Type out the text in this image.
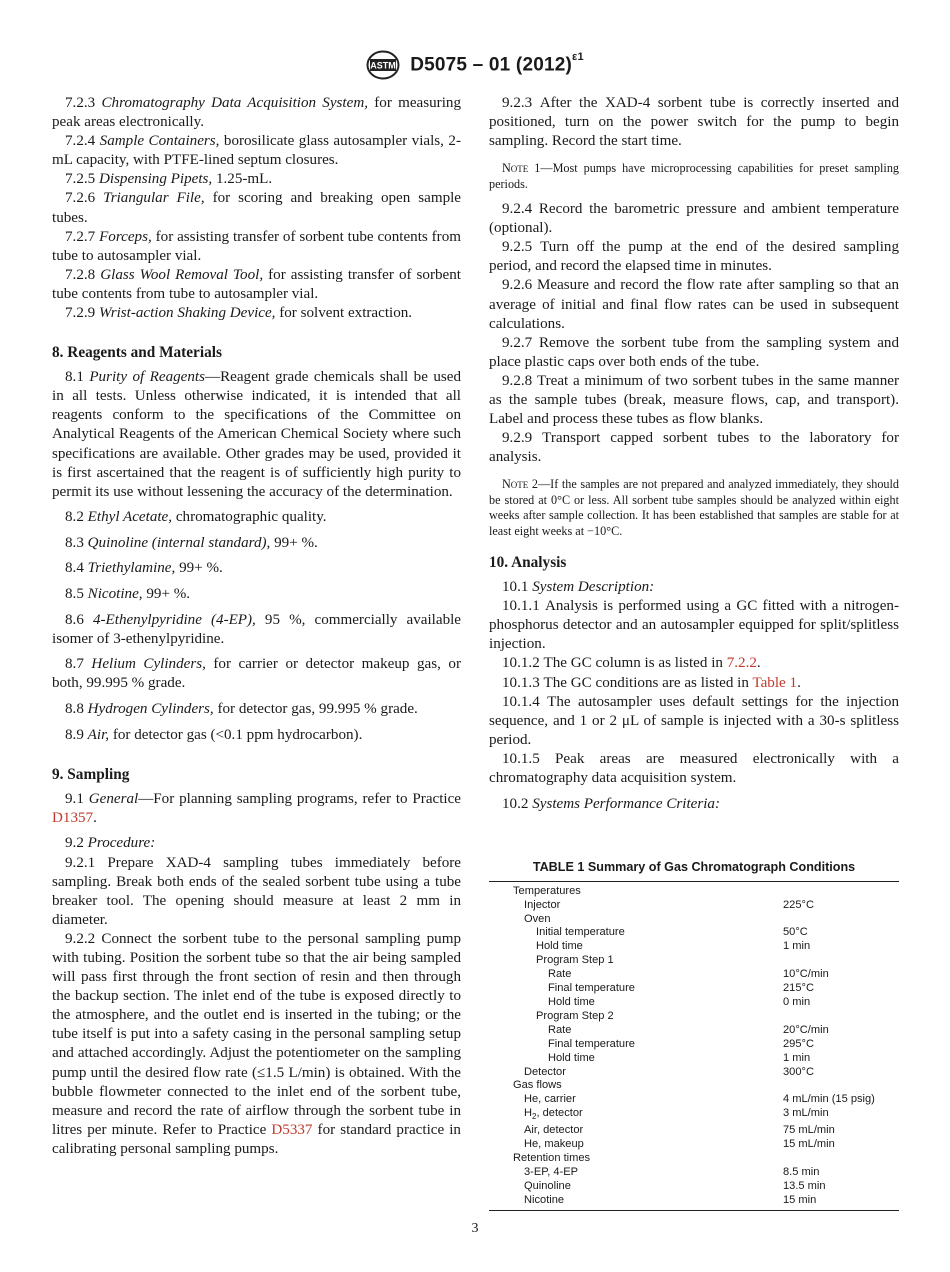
ASTM D5075 – 01 $(2012)^{\varepsilon 1}$

7.2.3 Chromatography Data Acquisition System, for measuring peak areas electronically.

7.2.4 Sample Containers, borosilicate glass autosampler vials, 2-mL capacity, with PTFE-lined septum closures.

7.2.5 Dispensing Pipets, 1.25-mL.

7.2.6 Triangular File, for scoring and breaking open sample tubes.

7.2.7 Forceps, for assisting transfer of sorbent tube contents from tube to autosampler vial.

7.2.8 Glass Wool Removal Tool, for assisting transfer of sorbent tube contents from tube to autosampler vial.

7.2.9 Wrist-action Shaking Device, for solvent extraction.

8. Reagents and Materials

8.1 Purity of Reagents—Reagent grade chemicals shall be used in all tests. Unless otherwise indicated, it is intended that all reagents conform to the specifications of the Committee on Analytical Reagents of the American Chemical Society where such specifications are available. Other grades may be used, provided it is first ascertained that the reagent is of sufficiently high purity to permit its use without lessening the accuracy of the determination.

8.2 Ethyl Acetate, chromatographic quality.

8.3 Quinoline (internal standard), 99+ %.

8.4 Triethylamine, 99+ %.

8.5 Nicotine, 99+ %.

8.6 4-Ethenylpyridine (4-EP), 95 %, commercially available isomer of 3-ethenylpyridine.

8.7 Helium Cylinders, for carrier or detector makeup gas, or both, 99.995 % grade.

8.8 Hydrogen Cylinders, for detector gas, 99.995 % grade.

8.9 Air, for detector gas (<0.1 ppm hydrocarbon).

9. Sampling

9.1 General—For planning sampling programs, refer to Practice D1357.

9.2 Procedure:

9.2.1 Prepare XAD-4 sampling tubes immediately before sampling. Break both ends of the sealed sorbent tube using a tube breaker tool. The opening should measure at least 2 mm in diameter.

9.2.2 Connect the sorbent tube to the personal sampling pump with tubing. Position the sorbent tube so that the air being sampled will pass first through the front section of resin and then through the backup section. The inlet end of the tube is exposed directly to the atmosphere, and the outlet end is inserted in the tubing; or the tube itself is put into a safety casing in the personal sampling setup and attached accordingly. Adjust the potentiometer on the sampling pump until the desired flow rate (≤1.5 L/min) is obtained. With the bubble flowmeter connected to the inlet end of the sorbent tube, measure and record the rate of airflow through the sorbent tube in litres per minute. Refer to Practice D5337 for standard practice in calibrating personal sampling pumps.

9.2.3 After the XAD-4 sorbent tube is correctly inserted and positioned, turn on the power switch for the pump to begin sampling. Record the start time.

Note 1—Most pumps have microprocessing capabilities for preset sampling periods.

9.2.4 Record the barometric pressure and ambient temperature (optional).

9.2.5 Turn off the pump at the end of the desired sampling period, and record the elapsed time in minutes.

9.2.6 Measure and record the flow rate after sampling so that an average of initial and final flow rates can be used in subsequent calculations.

9.2.7 Remove the sorbent tube from the sampling system and place plastic caps over both ends of the tube.

9.2.8 Treat a minimum of two sorbent tubes in the same manner as the sample tubes (break, measure flows, cap, and transport). Label and process these tubes as flow blanks.

9.2.9 Transport capped sorbent tubes to the laboratory for analysis.

Note 2—If the samples are not prepared and analyzed immediately, they should be stored at 0°C or less. All sorbent tube samples should be analyzed within eight weeks after sample collection. It has been established that samples are stable for at least eight weeks at −10°C.

10. Analysis

10.1 System Description:

10.1.1 Analysis is performed using a GC fitted with a nitrogen-phosphorus detector and an autosampler equipped for split/splitless injection.

10.1.2 The GC column is as listed in 7.2.2.

10.1.3 The GC conditions are as listed in Table 1.

10.1.4 The autosampler uses default settings for the injection sequence, and 1 or 2 μL of sample is injected with a 30-s splitless period.

10.1.5 Peak areas are measured electronically with a chromatography data acquisition system.

10.2 Systems Performance Criteria:

TABLE 1 Summary of Gas Chromatograph Conditions
Temperatures	
Injector	225°C
Oven	
Initial temperature	50°C
Hold time	1 min
Program Step 1	
Rate	10°C/min
Final temperature	215°C
Hold time	0 min
Program Step 2	
Rate	20°C/min
Final temperature	295°C
Hold time	1 min
Detector	300°C
Gas flows	
He, carrier	4 mL/min (15 psig)
$H_2$, detector	3 mL/min
Air, detector	75 mL/min
He, makeup	15 mL/min
Retention times	
3-EP, 4-EP	8.5 min
Quinoline	13.5 min
Nicotine	15 min
3
